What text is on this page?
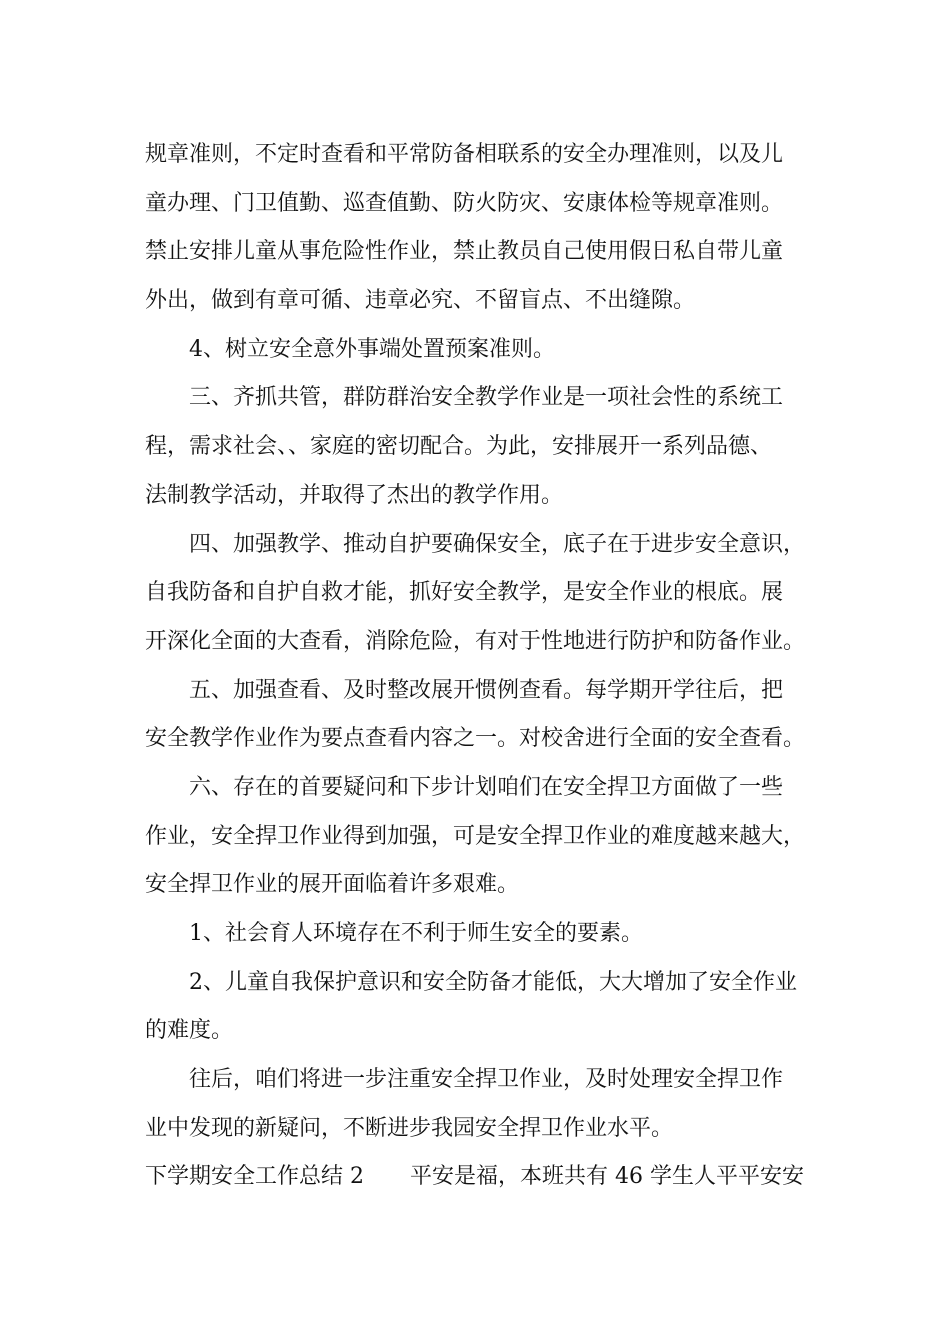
规章准则，不定时查看和平常防备相联系的安全办理准则，以及儿
童办理、门卫值勤、巡查值勤、防火防灾、安康体检等规章准则。
禁止安排儿童从事危险性作业，禁止教员自己使用假日私自带儿童
外出，做到有章可循、违章必究、不留盲点、不出缝隙。
4、树立安全意外事端处置预案准则。
三、齐抓共管，群防群治安全教学作业是一项社会性的系统工
程，需求社会、、家庭的密切配合。为此，安排展开一系列品德、
法制教学活动，并取得了杰出的教学作用。
四、加强教学、推动自护要确保安全，底子在于进步安全意识，
自我防备和自护自救才能，抓好安全教学，是安全作业的根底。展
开深化全面的大查看，消除危险，有对于性地进行防护和防备作业。
五、加强查看、及时整改展开惯例查看。每学期开学往后，把
安全教学作业作为要点查看内容之一。对校舍进行全面的安全查看。
六、存在的首要疑问和下步计划咱们在安全捍卫方面做了一些
作业，安全捍卫作业得到加强，可是安全捍卫作业的难度越来越大，
安全捍卫作业的展开面临着许多艰难。
1、社会育人环境存在不利于师生安全的要素。
2、儿童自我保护意识和安全防备才能低，大大增加了安全作业
的难度。
往后，咱们将进一步注重安全捍卫作业，及时处理安全捍卫作
业中发现的新疑问，不断进步我园安全捍卫作业水平。
下学期安全工作总结 2 平安是福，本班共有 46 学生人平平安安
